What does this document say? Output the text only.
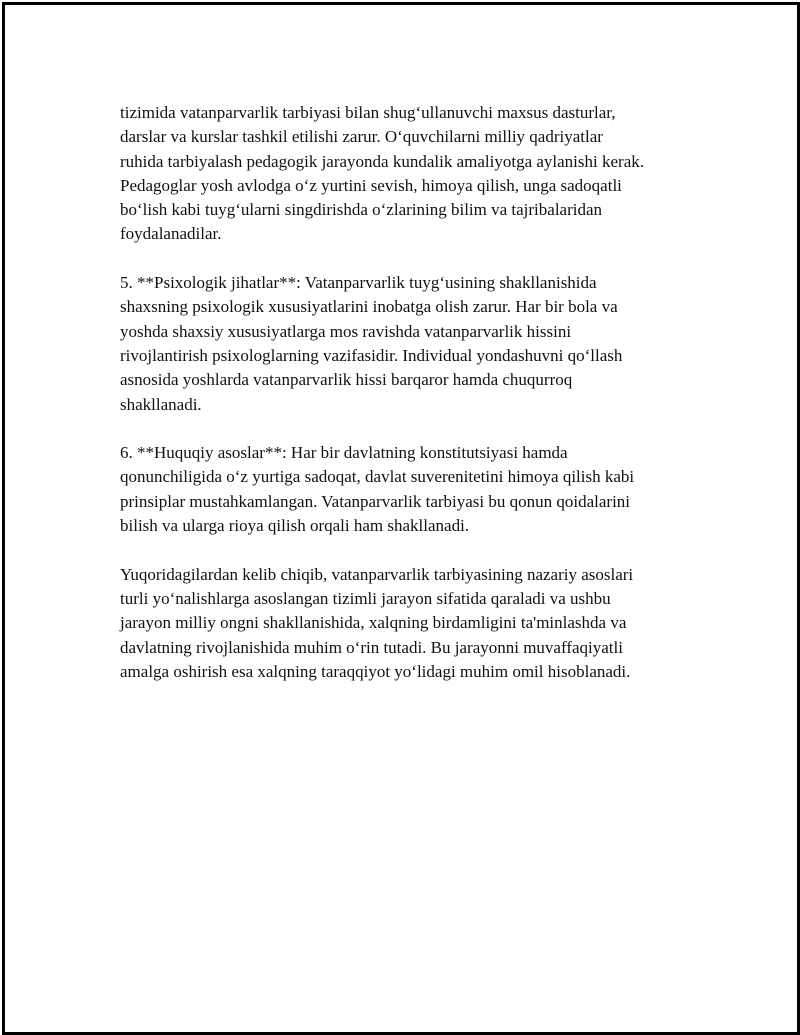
tizimida vatanparvarlik tarbiyasi bilan shug‘ullanuvchi maxsus dasturlar,
darslar va kurslar tashkil etilishi zarur. O‘quvchilarni milliy qadriyatlar
ruhida tarbiyalash pedagogik jarayonda kundalik amaliyotga aylanishi kerak.
Pedagoglar yosh avlodga o‘z yurtini sevish, himoya qilish, unga sadoqatli
bo‘lish kabi tuyg‘ularni singdirishda o‘zlarining bilim va tajribalaridan
foydalanadilar.

5. **Psixologik jihatlar**: Vatanparvarlik tuyg‘usining shakllanishida
shaxsning psixologik xususiyatlarini inobatga olish zarur. Har bir bola va
yoshda shaxsiy xususiyatlarga mos ravishda vatanparvarlik hissini
rivojlantirish psixologlarning vazifasidir. Individual yondashuvni qo‘llash
asnosida yoshlarda vatanparvarlik hissi barqaror hamda chuqurroq
shakllanadi.

6. **Huquqiy asoslar**: Har bir davlatning konstitutsiyasi hamda
qonunchiligida o‘z yurtiga sadoqat, davlat suverenitetini himoya qilish kabi
prinsiplar mustahkamlangan. Vatanparvarlik tarbiyasi bu qonun qoidalarini
bilish va ularga rioya qilish orqali ham shakllanadi.

Yuqoridagilardan kelib chiqib, vatanparvarlik tarbiyasining nazariy asoslari
turli yo‘nalishlarga asoslangan tizimli jarayon sifatida qaraladi va ushbu
jarayon milliy ongni shakllanishida, xalqning birdamligini ta'minlashda va
davlatning rivojlanishida muhim o‘rin tutadi. Bu jarayonni muvaffaqiyatli
amalga oshirish esa xalqning taraqqiyot yo‘lidagi muhim omil hisoblanadi.
